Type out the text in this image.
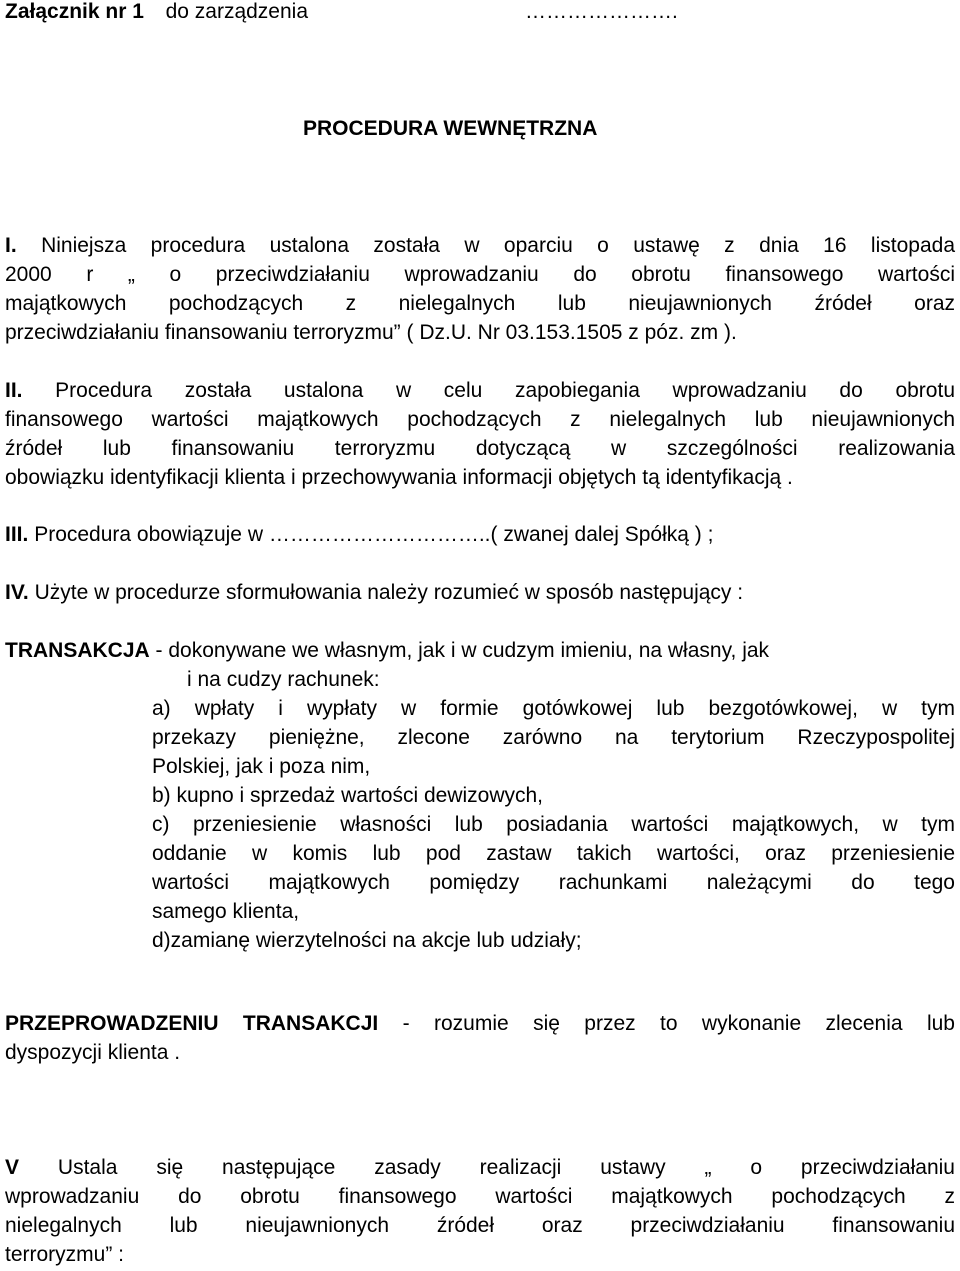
Załącznik nr 1 do zarządzenia	………………….
PROCEDURA WEWNĘTRZNA
I. Niniejsza procedura ustalona została w oparciu o ustawę z dnia 16 listopada
2000 r „ o przeciwdziałaniu wprowadzaniu do obrotu finansowego wartości
majątkowych pochodzących z nielegalnych lub nieujawnionych źródeł oraz
przeciwdziałaniu finansowaniu terroryzmu” ( Dz.U. Nr 03.153.1505 z póz. zm ).
II. Procedura została ustalona w celu zapobiegania wprowadzaniu do obrotu
finansowego wartości majątkowych pochodzących z nielegalnych lub nieujawnionych
źródeł lub finansowaniu terroryzmu dotyczącą w szczególności realizowania
obowiązku identyfikacji klienta i przechowywania informacji objętych tą identyfikacją .
III. Procedura obowiązuje w …………………………..( zwanej dalej Spółką ) ;
IV. Użyte w procedurze sformułowania należy rozumieć w sposób następujący :
TRANSAKCJA - dokonywane we własnym, jak i w cudzym imieniu, na własny, jak
i na cudzy rachunek:
a) wpłaty i wypłaty w formie gotówkowej lub bezgotówkowej, w tym
przekazy pieniężne, zlecone zarówno na terytorium Rzeczypospolitej
Polskiej, jak i poza nim,
b) kupno i sprzedaż wartości dewizowych,
c) przeniesienie własności lub posiadania wartości majątkowych, w tym
oddanie w komis lub pod zastaw takich wartości, oraz przeniesienie
wartości majątkowych pomiędzy rachunkami należącymi do tego
samego klienta,
d)zamianę wierzytelności na akcje lub udziały;
PRZEPROWADZENIU TRANSAKCJI - rozumie się przez to wykonanie zlecenia lub
dyspozycji klienta .
V Ustala się następujące zasady realizacji ustawy „ o przeciwdziałaniu
wprowadzaniu do obrotu finansowego wartości majątkowych pochodzących z
nielegalnych lub nieujawnionych źródeł oraz przeciwdziałaniu finansowaniu
terroryzmu” :
